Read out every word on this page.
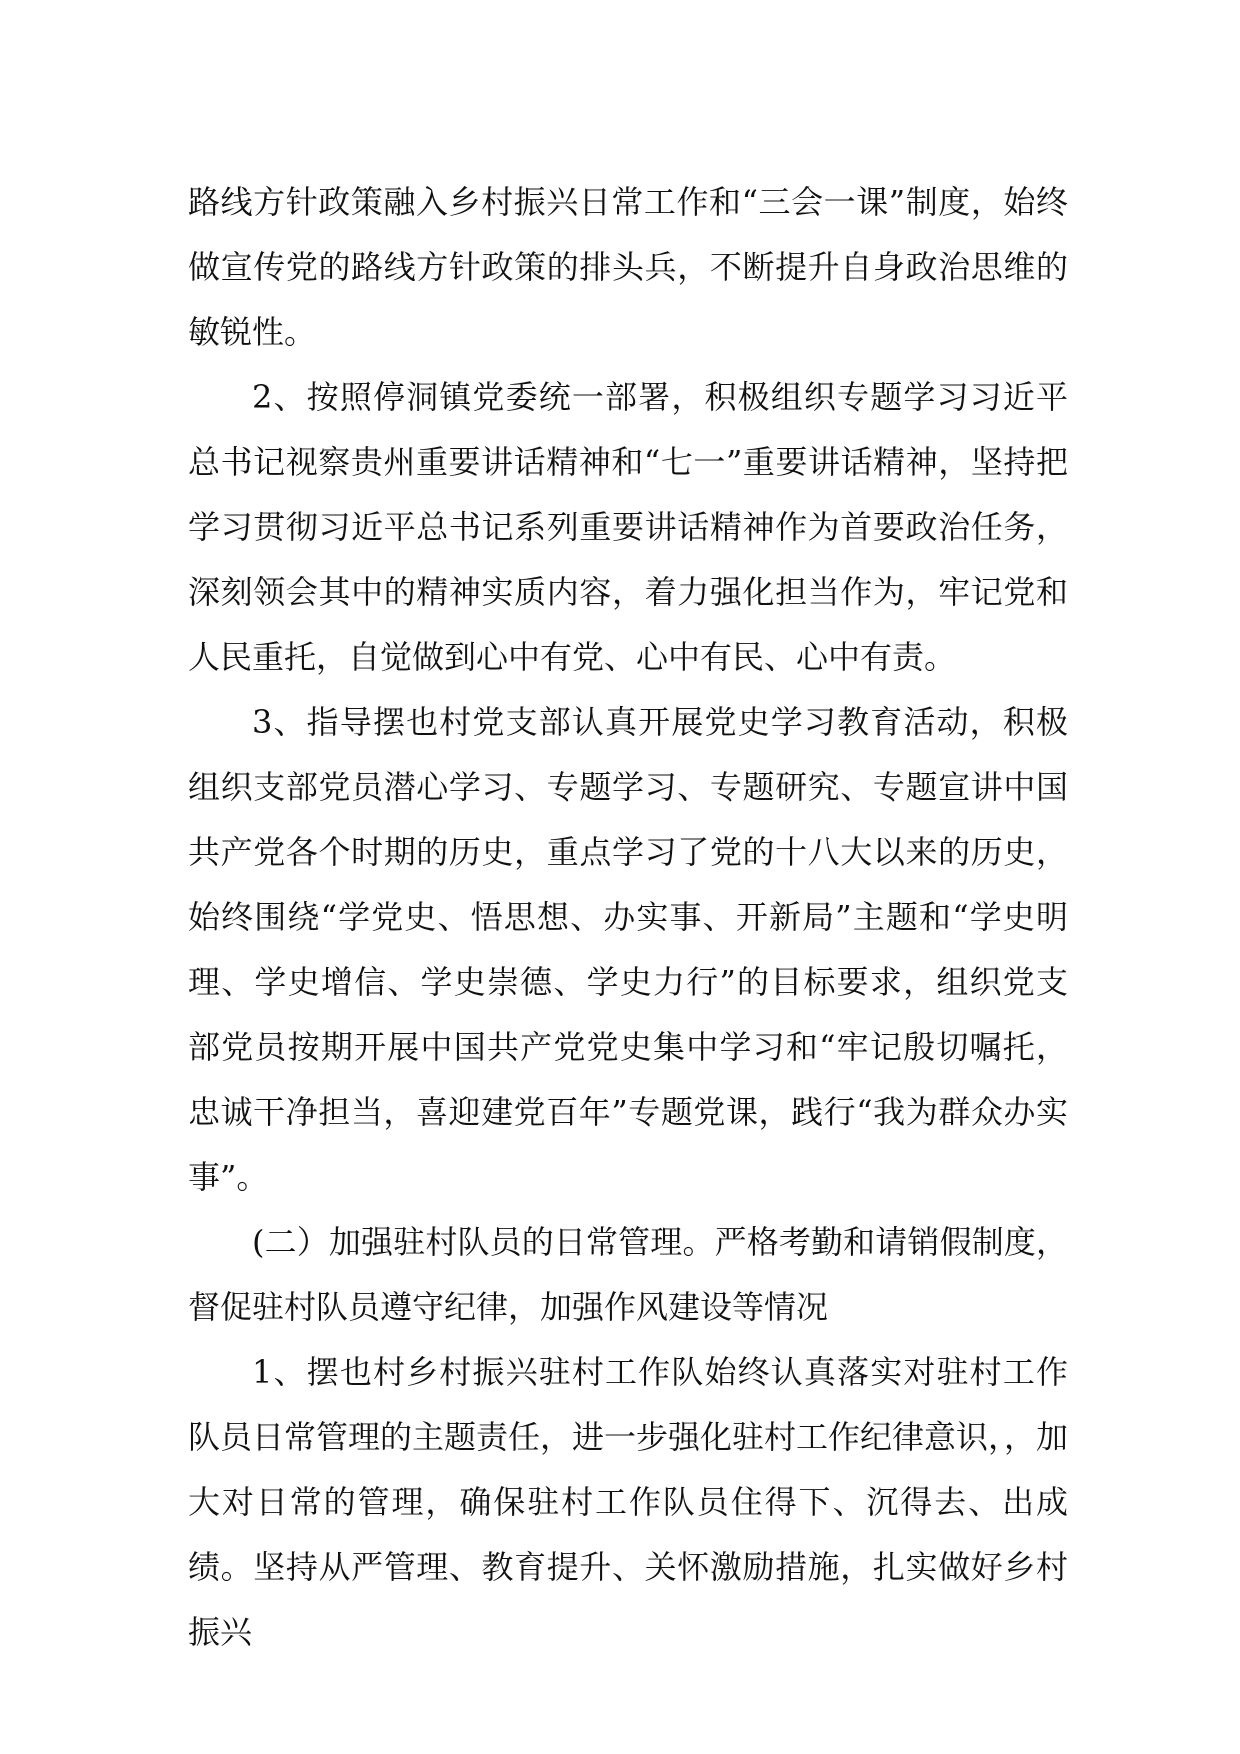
路线方针政策融入乡村振兴日常工作和“三会一课”制度，始终做宣传党的路线方针政策的排头兵，不断提升自身政治思维的敏锐性。

2、按照停洞镇党委统一部署，积极组织专题学习习近平总书记视察贵州重要讲话精神和“七一”重要讲话精神，坚持把学习贯彻习近平总书记系列重要讲话精神作为首要政治任务，深刻领会其中的精神实质内容，着力强化担当作为，牢记党和人民重托，自觉做到心中有党、心中有民、心中有责。

3、指导摆也村党支部认真开展党史学习教育活动，积极组织支部党员潜心学习、专题学习、专题研究、专题宣讲中国共产党各个时期的历史，重点学习了党的十八大以来的历史，始终围绕“学党史、悟思想、办实事、开新局”主题和“学史明理、学史增信、学史崇德、学史力行”的目标要求，组织党支部党员按期开展中国共产党党史集中学习和“牢记殷切嘱托，忠诚干净担当，喜迎建党百年”专题党课，践行“我为群众办实事”。

(二）加强驻村队员的日常管理。严格考勤和请销假制度，督促驻村队员遵守纪律，加强作风建设等情况

1、摆也村乡村振兴驻村工作队始终认真落实对驻村工作队员日常管理的主题责任，进一步强化驻村工作纪律意识，，加大对日常的管理，确保驻村工作队员住得下、沉得去、出成绩。坚持从严管理、教育提升、关怀激励措施，扎实做好乡村振兴
